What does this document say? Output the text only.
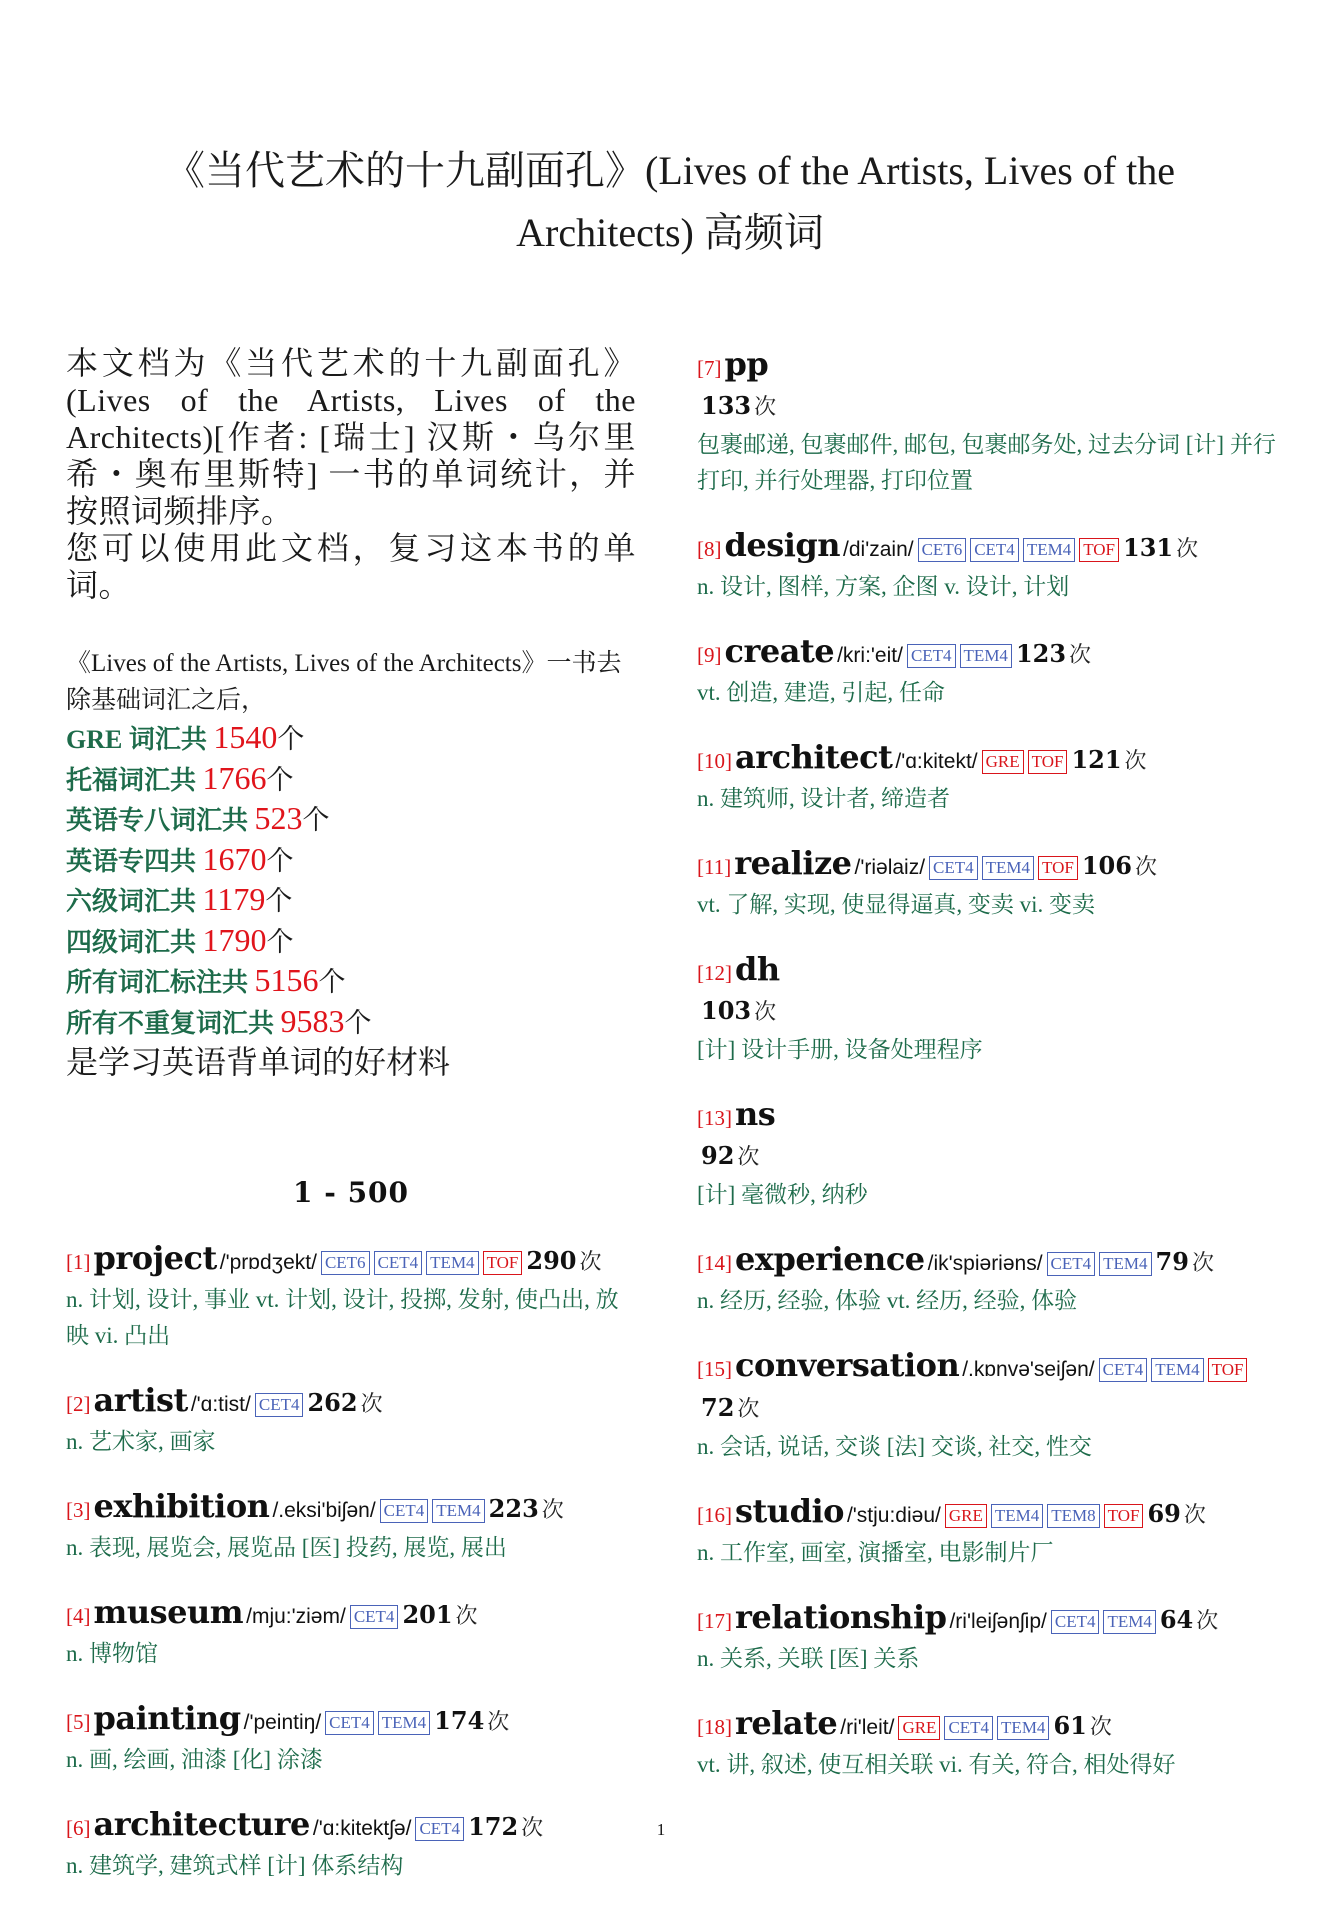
《当代艺术的十九副面孔》(Lives of the Artists, Lives of the Architects) 高频词
本文档为《当代艺术的十九副面孔》(Lives of the Artists, Lives of the Architects)[作者: [瑞士] 汉斯・乌尔里希・奥布里斯特] 一书的单词统计，并按照词频排序。
您可以使用此文档，复习这本书的单词。
《Lives of the Artists, Lives of the Architects》一书去除基础词汇之后，
GRE 词汇共 1540个
托福词汇共 1766个
英语专八词汇共 523个
英语专四共 1670个
六级词汇共 1179个
四级词汇共 1790个
所有词汇标注共 5156个
所有不重复词汇共 9583个
是学习英语背单词的好材料
1 - 500
[1]project /'prɒdʒekt/ CET6 CET4 TEM4 TOF 290 次
n. 计划, 设计, 事业 vt. 计划, 设计, 投掷, 发射, 使凸出, 放映 vi. 凸出
[2]artist /'ɑ:tist/ CET4 262 次
n. 艺术家, 画家
[3]exhibition /.eksi'biʃən/ CET4 TEM4 223 次
n. 表现, 展览会, 展览品 [医] 投药, 展览, 展出
[4]museum /mju:'ziəm/ CET4 201 次
n. 博物馆
[5]painting /'peintiŋ/ CET4 TEM4 174 次
n. 画, 绘画, 油漆 [化] 涂漆
[6]architecture /'ɑ:kitektʃə/ CET4 172 次
n. 建筑学, 建筑式样 [计] 体系结构
[7]pp
133 次
包裹邮递, 包裹邮件, 邮包, 包裹邮务处, 过去分词 [计] 并行打印, 并行处理器, 打印位置
[8]design /di'zain/ CET6 CET4 TEM4 TOF 131 次
n. 设计, 图样, 方案, 企图 v. 设计, 计划
[9]create /kri:'eit/ CET4 TEM4 123 次
vt. 创造, 建造, 引起, 任命
[10]architect /'ɑ:kitekt/ GRE TOF 121 次
n. 建筑师, 设计者, 缔造者
[11]realize /'riəlaiz/ CET4 TEM4 TOF 106 次
vt. 了解, 实现, 使显得逼真, 变卖 vi. 变卖
[12]dh
103 次
[计] 设计手册, 设备处理程序
[13]ns
92 次
[计] 毫微秒, 纳秒
[14]experience /ik'spiəriəns/ CET4 TEM4 79 次
n. 经历, 经验, 体验 vt. 经历, 经验, 体验
[15]conversation /.kɒnvə'seiʃən/ CET4 TEM4 TOF72 次
n. 会话, 说话, 交谈 [法] 交谈, 社交, 性交
[16]studio /'stju:diəu/ GRE TEM4 TEM8 TOF 69 次
n. 工作室, 画室, 演播室, 电影制片厂
[17]relationship /ri'leiʃənʃip/ CET4 TEM4 64 次
n. 关系, 关联 [医] 关系
[18]relate /ri'leit/ GRE CET4 TEM4 61 次
vt. 讲, 叙述, 使互相关联 vi. 有关, 符合, 相处得好
1
